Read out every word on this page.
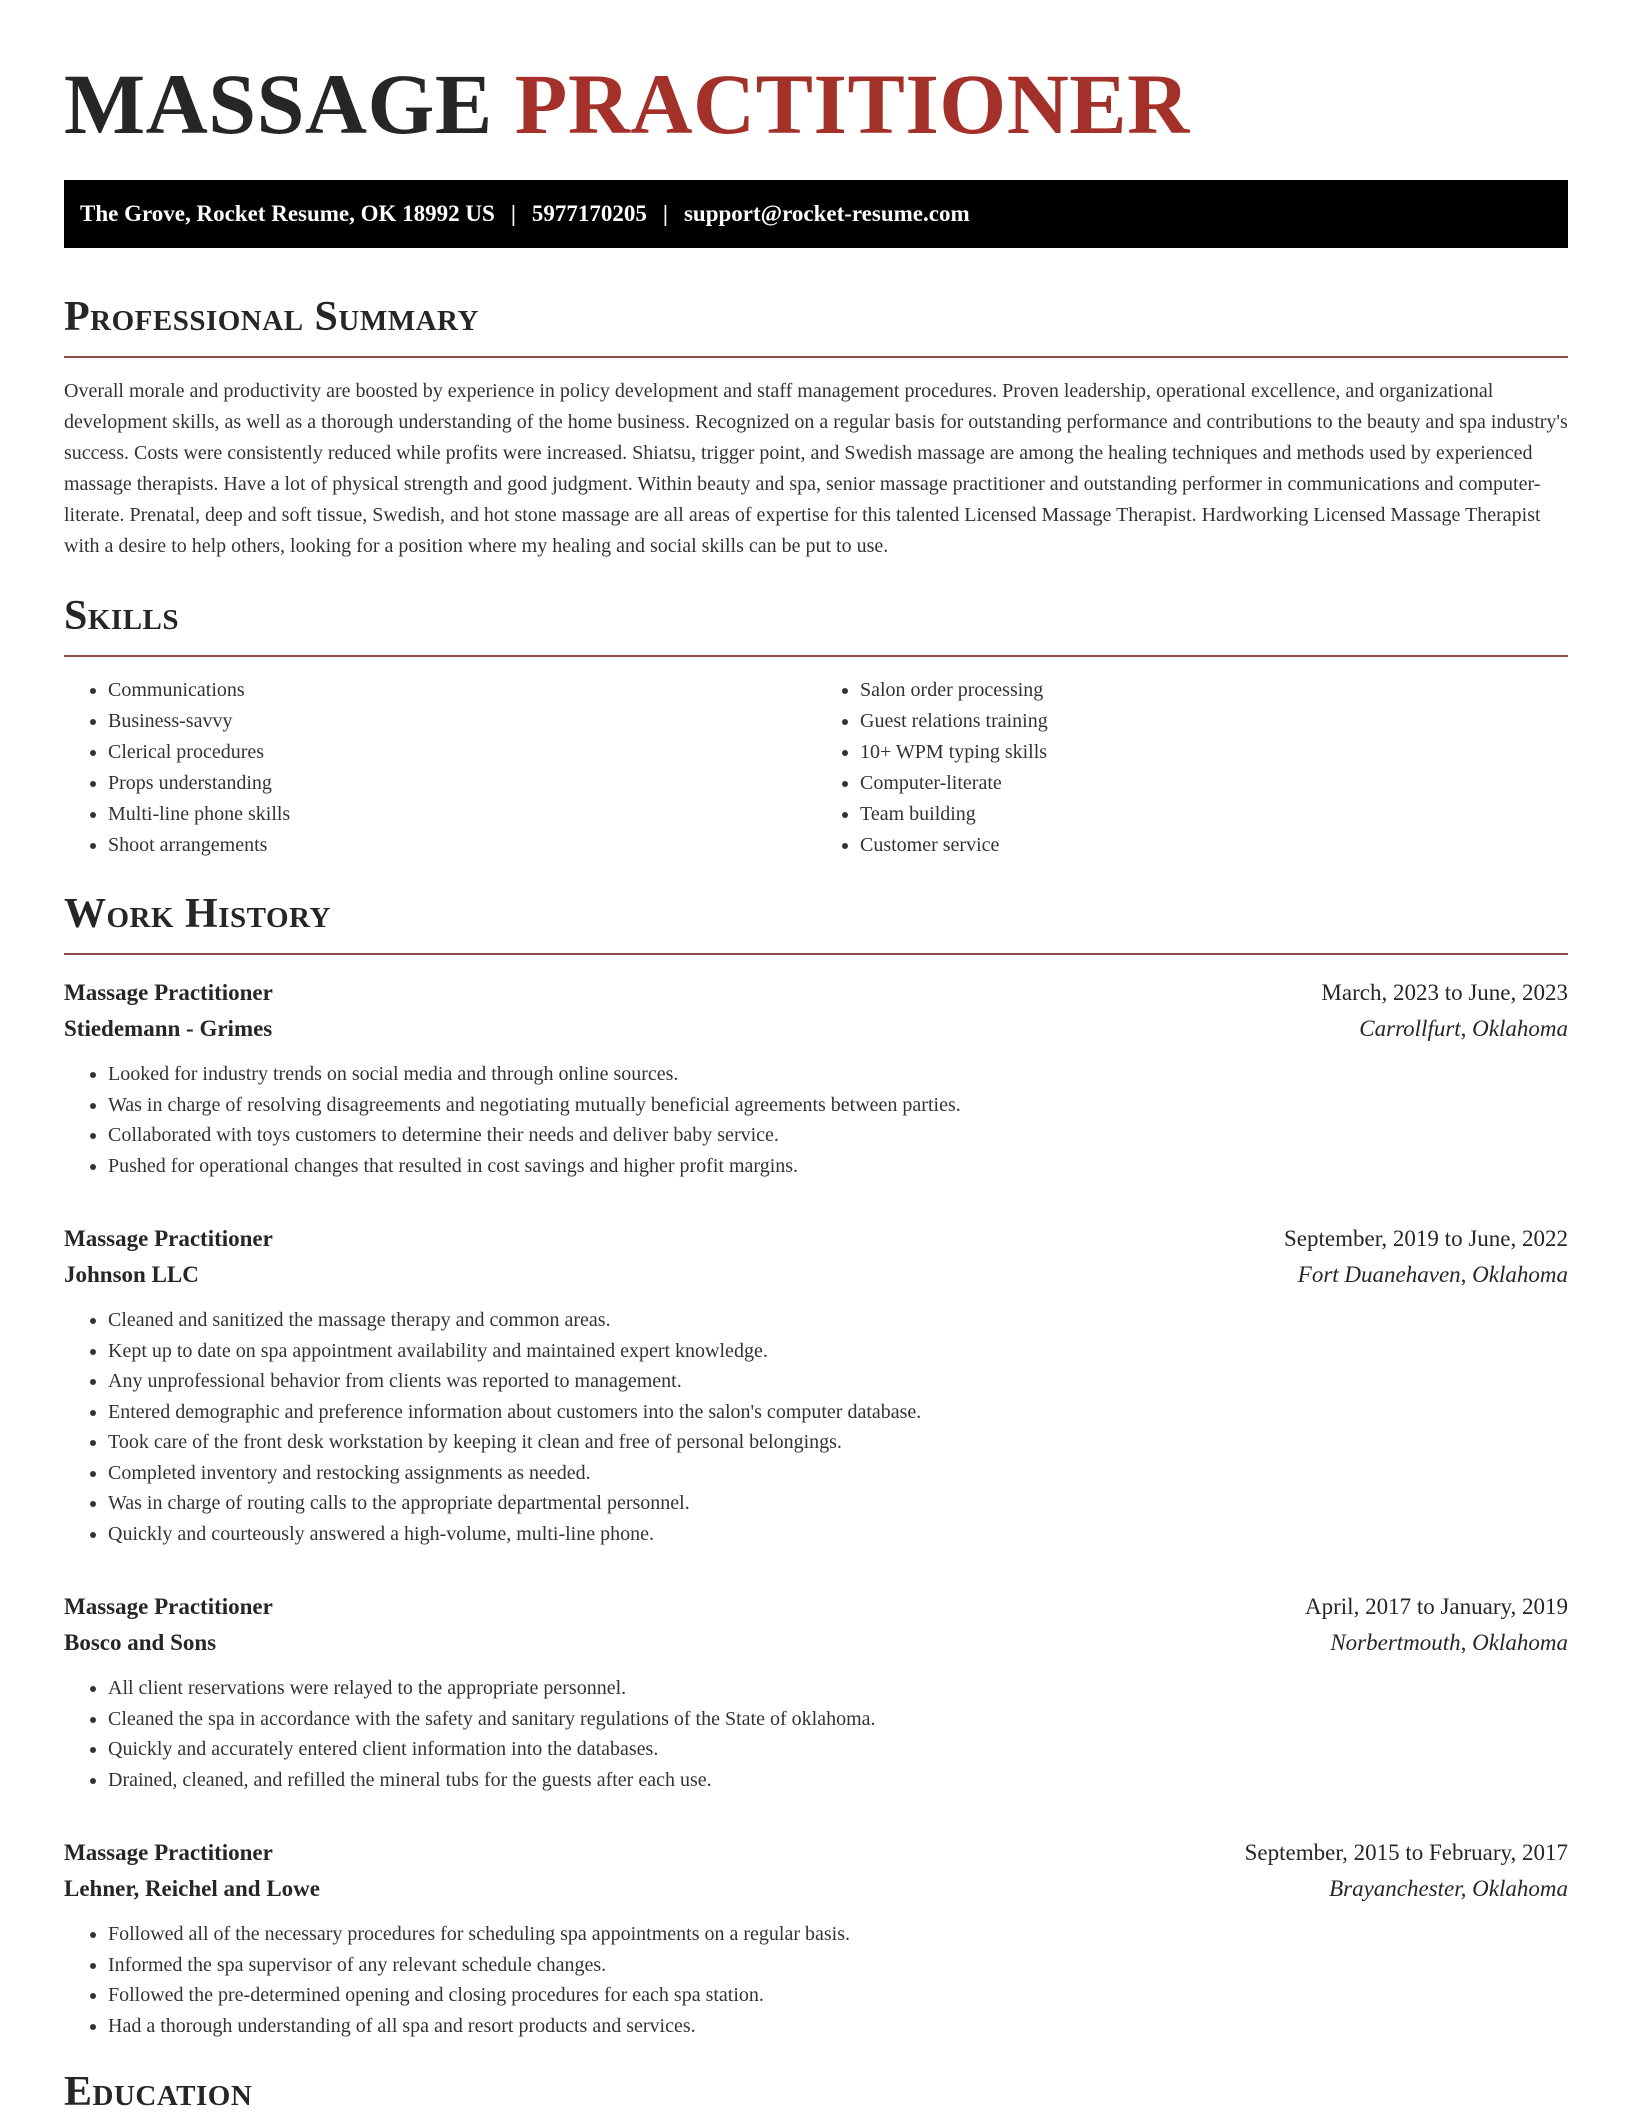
MASSAGE PRACTITIONER
The Grove, Rocket Resume, OK 18992 US | 5977170205 | support@rocket-resume.com
Professional Summary

Overall morale and productivity are boosted by experience in policy development and staff management procedures. Proven leadership, operational excellence, and organizational development skills, as well as a thorough understanding of the home business. Recognized on a regular basis for outstanding performance and contributions to the beauty and spa industry's success. Costs were consistently reduced while profits were increased. Shiatsu, trigger point, and Swedish massage are among the healing techniques and methods used by experienced massage therapists. Have a lot of physical strength and good judgment. Within beauty and spa, senior massage practitioner and outstanding performer in communications and computer-literate. Prenatal, deep and soft tissue, Swedish, and hot stone massage are all areas of expertise for this talented Licensed Massage Therapist. Hardworking Licensed Massage Therapist with a desire to help others, looking for a position where my healing and social skills can be put to use.

Skills
• Communications
• Business-savvy
• Clerical procedures
• Props understanding
• Multi-line phone skills
• Shoot arrangements
• Salon order processing
• Guest relations training
• 10+ WPM typing skills
• Computer-literate
• Team building
• Customer service
Work History
Massage Practitioner	March, 2023 to June, 2023
Stiedemann - Grimes	Carrollfurt, Oklahoma
• Looked for industry trends on social media and through online sources.
• Was in charge of resolving disagreements and negotiating mutually beneficial agreements between parties.
• Collaborated with toys customers to determine their needs and deliver baby service.
• Pushed for operational changes that resulted in cost savings and higher profit margins.
Massage Practitioner	September, 2019 to June, 2022
Johnson LLC	Fort Duanehaven, Oklahoma
• Cleaned and sanitized the massage therapy and common areas.
• Kept up to date on spa appointment availability and maintained expert knowledge.
• Any unprofessional behavior from clients was reported to management.
• Entered demographic and preference information about customers into the salon's computer database.
• Took care of the front desk workstation by keeping it clean and free of personal belongings.
• Completed inventory and restocking assignments as needed.
• Was in charge of routing calls to the appropriate departmental personnel.
• Quickly and courteously answered a high-volume, multi-line phone.
Massage Practitioner	April, 2017 to January, 2019
Bosco and Sons	Norbertmouth, Oklahoma
• All client reservations were relayed to the appropriate personnel.
• Cleaned the spa in accordance with the safety and sanitary regulations of the State of oklahoma.
• Quickly and accurately entered client information into the databases.
• Drained, cleaned, and refilled the mineral tubs for the guests after each use.
Massage Practitioner	September, 2015 to February, 2017
Lehner, Reichel and Lowe	Brayanchester, Oklahoma
• Followed all of the necessary procedures for scheduling spa appointments on a regular basis.
• Informed the spa supervisor of any relevant schedule changes.
• Followed the pre-determined opening and closing procedures for each spa station.
• Had a thorough understanding of all spa and resort products and services.
Education
